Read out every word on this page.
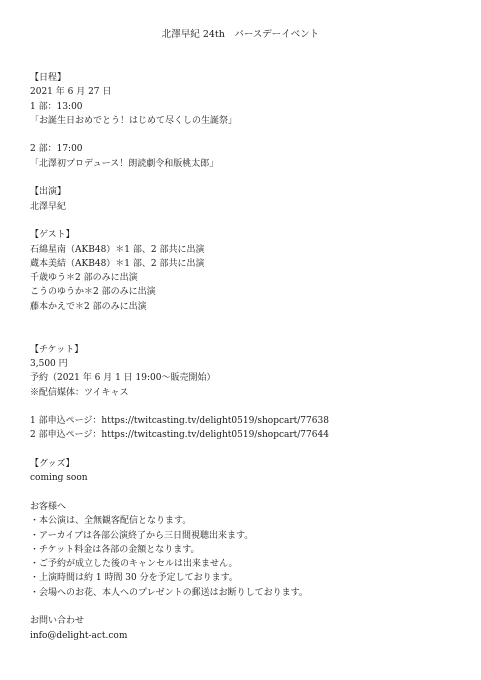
北澤早紀 24th　バースデーイベント
【日程】
2021 年 6 月 27 日
1 部：13:00
「お誕生日おめでとう！はじめて尽くしの生誕祭」
2 部：17:00
「北澤初プロデュース！朗読劇令和版桃太郎」
【出演】
北澤早紀
【ゲスト】
石綿星南（AKB48）＊1 部、2 部共に出演
蔵本美結（AKB48）＊1 部、2 部共に出演
千歳ゆう＊2 部のみに出演
こうのゆうか＊2 部のみに出演
藤本かえで＊2 部のみに出演
【チケット】
3,500 円
予約（2021 年 6 月 1 日 19:00～販売開始）
※配信媒体：ツイキャス
1 部申込ページ：https://twitcasting.tv/delight0519/shopcart/77638
2 部申込ページ：https://twitcasting.tv/delight0519/shopcart/77644
【グッズ】
coming soon
お客様へ
・本公演は、全無観客配信となります。
・アーカイブは各部公演終了から三日間視聴出来ます。
・チケット料金は各部の金額となります。
・ご予約が成立した後のキャンセルは出来ません。
・上演時間は約 1 時間 30 分を予定しております。
・会場へのお花、本人へのプレゼントの郵送はお断りしております。
お問い合わせ
info@delight-act.com
